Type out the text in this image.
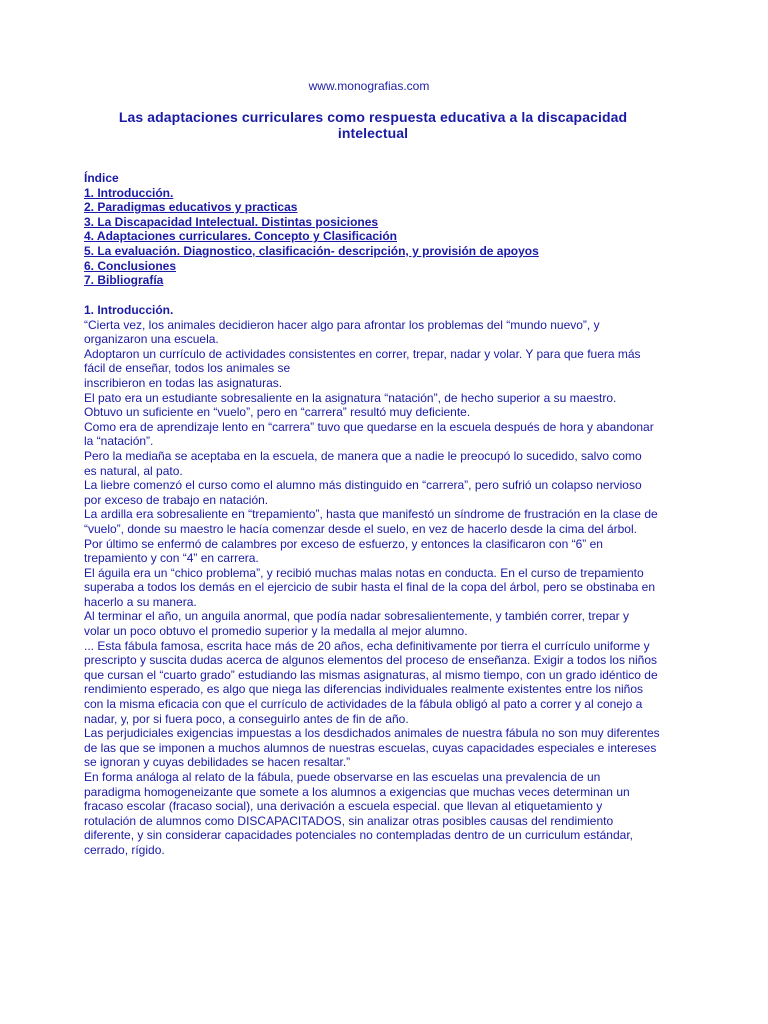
www.monografias.com
Las adaptaciones curriculares como respuesta educativa a la discapacidad
intelectual
Índice
1. Introducción.
2. Paradigmas educativos y practicas
3. La Discapacidad Intelectual. Distintas posiciones
4. Adaptaciones curriculares. Concepto y Clasificación
5. La evaluación. Diagnostico, clasificación- descripción, y provisión de apoyos
6. Conclusiones
7. Bibliografía
1. Introducción.
“Cierta vez, los animales decidieron hacer algo para afrontar los problemas del “mundo nuevo”, y
organizaron una escuela.
Adoptaron un currículo de actividades consistentes en correr, trepar, nadar y volar. Y para que fuera más
fácil de enseñar, todos los animales se
inscribieron en todas las asignaturas.
El pato era un estudiante sobresaliente en la asignatura “natación”, de hecho superior a su maestro.
Obtuvo un suficiente en “vuelo”, pero en “carrera” resultó muy deficiente.
Como era de aprendizaje lento en “carrera” tuvo que quedarse en la escuela después de hora y abandonar
la “natación”.
Pero la mediaña se aceptaba en la escuela, de manera que a nadie le preocupó lo sucedido, salvo como
es natural, al pato.
La liebre comenzó el curso como el alumno más distinguido en “carrera”, pero sufrió un colapso nervioso
por exceso de trabajo en natación.
La ardilla era sobresaliente en “trepamiento”, hasta que manifestó un síndrome de frustración en la clase de
“vuelo”, donde su maestro le hacía comenzar desde el suelo, en vez de hacerlo desde la cima del árbol.
Por último se enfermó de calambres por exceso de esfuerzo, y entonces la clasificaron con “6” en
trepamiento y con “4” en carrera.
El águila era un “chico problema”, y recibió muchas malas notas en conducta. En el curso de trepamiento
superaba a todos los demás en el ejercicio de subir hasta el final de la copa del árbol, pero se obstinaba en
hacerlo a su manera.
Al terminar el año, un anguila anormal, que podía nadar sobresalientemente, y también correr, trepar y
volar un poco obtuvo el promedio superior y la medalla al mejor alumno.
... Esta fábula famosa, escrita hace más de 20 años, echa definitivamente por tierra el currículo uniforme y
prescripto y suscita dudas acerca de algunos elementos del proceso de enseñanza. Exigir a todos los niños
que cursan el “cuarto grado” estudiando las mismas asignaturas, al mismo tiempo, con un grado idéntico de
rendimiento esperado, es algo que niega las diferencias individuales realmente existentes entre los niños
con la misma eficacia con que el currículo de actividades de la fábula obligó al pato a correr y al conejo a
nadar, y, por si fuera poco, a conseguirlo antes de fin de año.
Las perjudiciales exigencias impuestas a los desdichados animales de nuestra fábula no son muy diferentes
de las que se imponen a muchos alumnos de nuestras escuelas, cuyas capacidades especiales e intereses
se ignoran y cuyas debilidades se hacen resaltar.”
En forma análoga al relato de la fábula, puede observarse en las escuelas una prevalencia de un
paradigma homogeneizante que somete a los alumnos a exigencias que muchas veces determinan un
fracaso escolar (fracaso social), una derivación a escuela especial. que llevan al etiquetamiento y
rotulación de alumnos como DISCAPACITADOS, sin analizar otras posibles causas del rendimiento
diferente, y sin considerar capacidades potenciales no contempladas dentro de un curriculum estándar,
cerrado, rígido.
